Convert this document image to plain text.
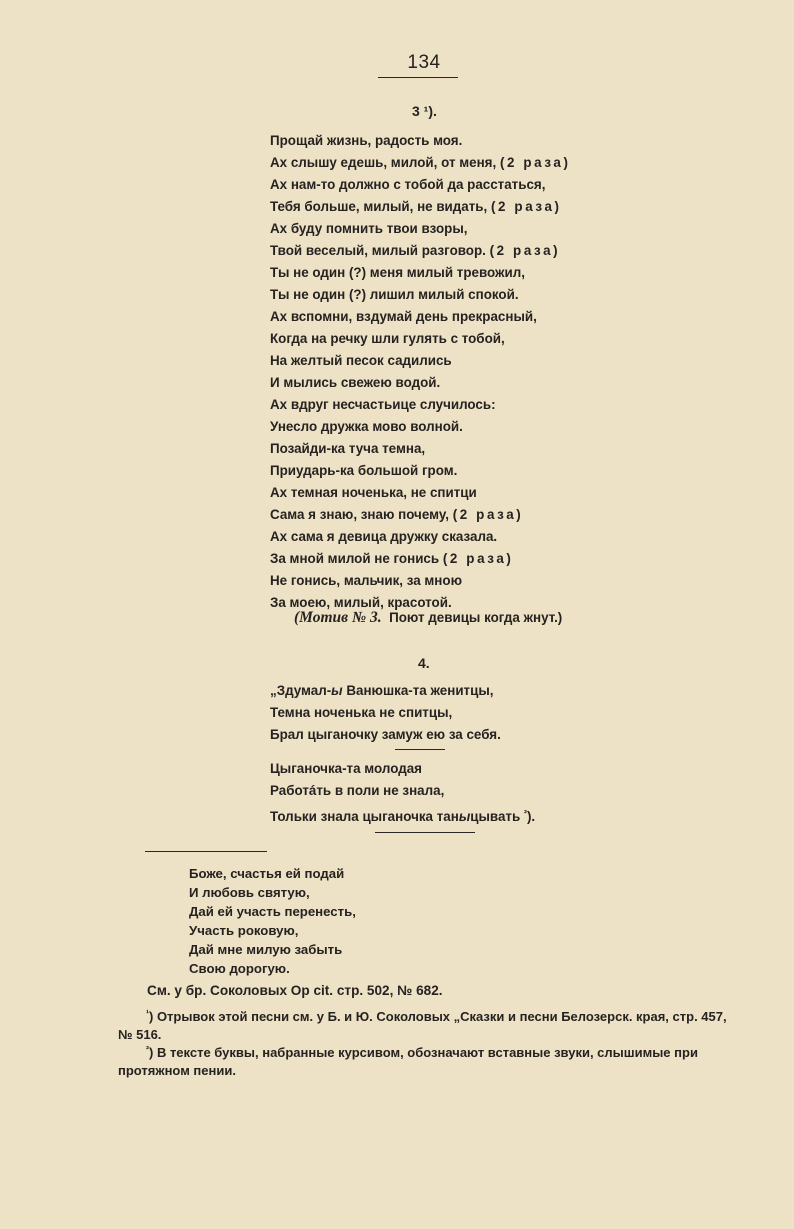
134
3 ¹).
Прощай жизнь, радость моя.
Ах слышу едешь, милой, от меня, (2 раза)
Ах нам-то должно с тобой да расстаться,
Тебя больше, милый, не видать, (2 раза)
Ах буду помнить твои взоры,
Твой веселый, милый разговор. (2 раза)
Ты не один (?) меня милый тревожил,
Ты не один (?) лишил милый спокой.
Ах вспомни, вздумай день прекрасный,
Когда на речку шли гулять с тобой,
На желтый песок садились
И мылись свежею водой.
Ах вдруг несчастьице случилось:
Унесло дружка мово волной.
Позайди-ка туча темна,
Приударь-ка большой гром.
Ах темная ноченька, не спитци
Сама я знаю, знаю почему, (2 раза)
Ах сама я девица дружку сказала.
За мной милой не гонись (2 раза)
Не гонись, мальчик, за мною
За моею, милый, красотой.
(Мотив № 3. Поют девицы когда жнут.)
4.
„Здумал-ы Ванюшка-та женитцы,
Темна ноченька не спитцы,
Брал цыганочку замуж ею за себя.
Цыганочка-та молодая
Работáть в поли не знала,
Тольки знала цыганочка таныцывать $^{^2}$).
Боже, счастья ей подай
И любовь святую,
Дай ей участь перенесть,
Участь роковую,
Дай мне милую забыть
Свою дорогую.
См. у бр. Соколовых Ор cit. стр. 502, № 682.
$^{^1}$) Отрывок этой песни см. у Б. и Ю. Соколовых „Сказки и песни Белозерск. края, стр. 457, № 516.
$^{^2}$) В тексте буквы, набранные курсивом, обозначают вставные звуки, слышимые при протяжном пении.
